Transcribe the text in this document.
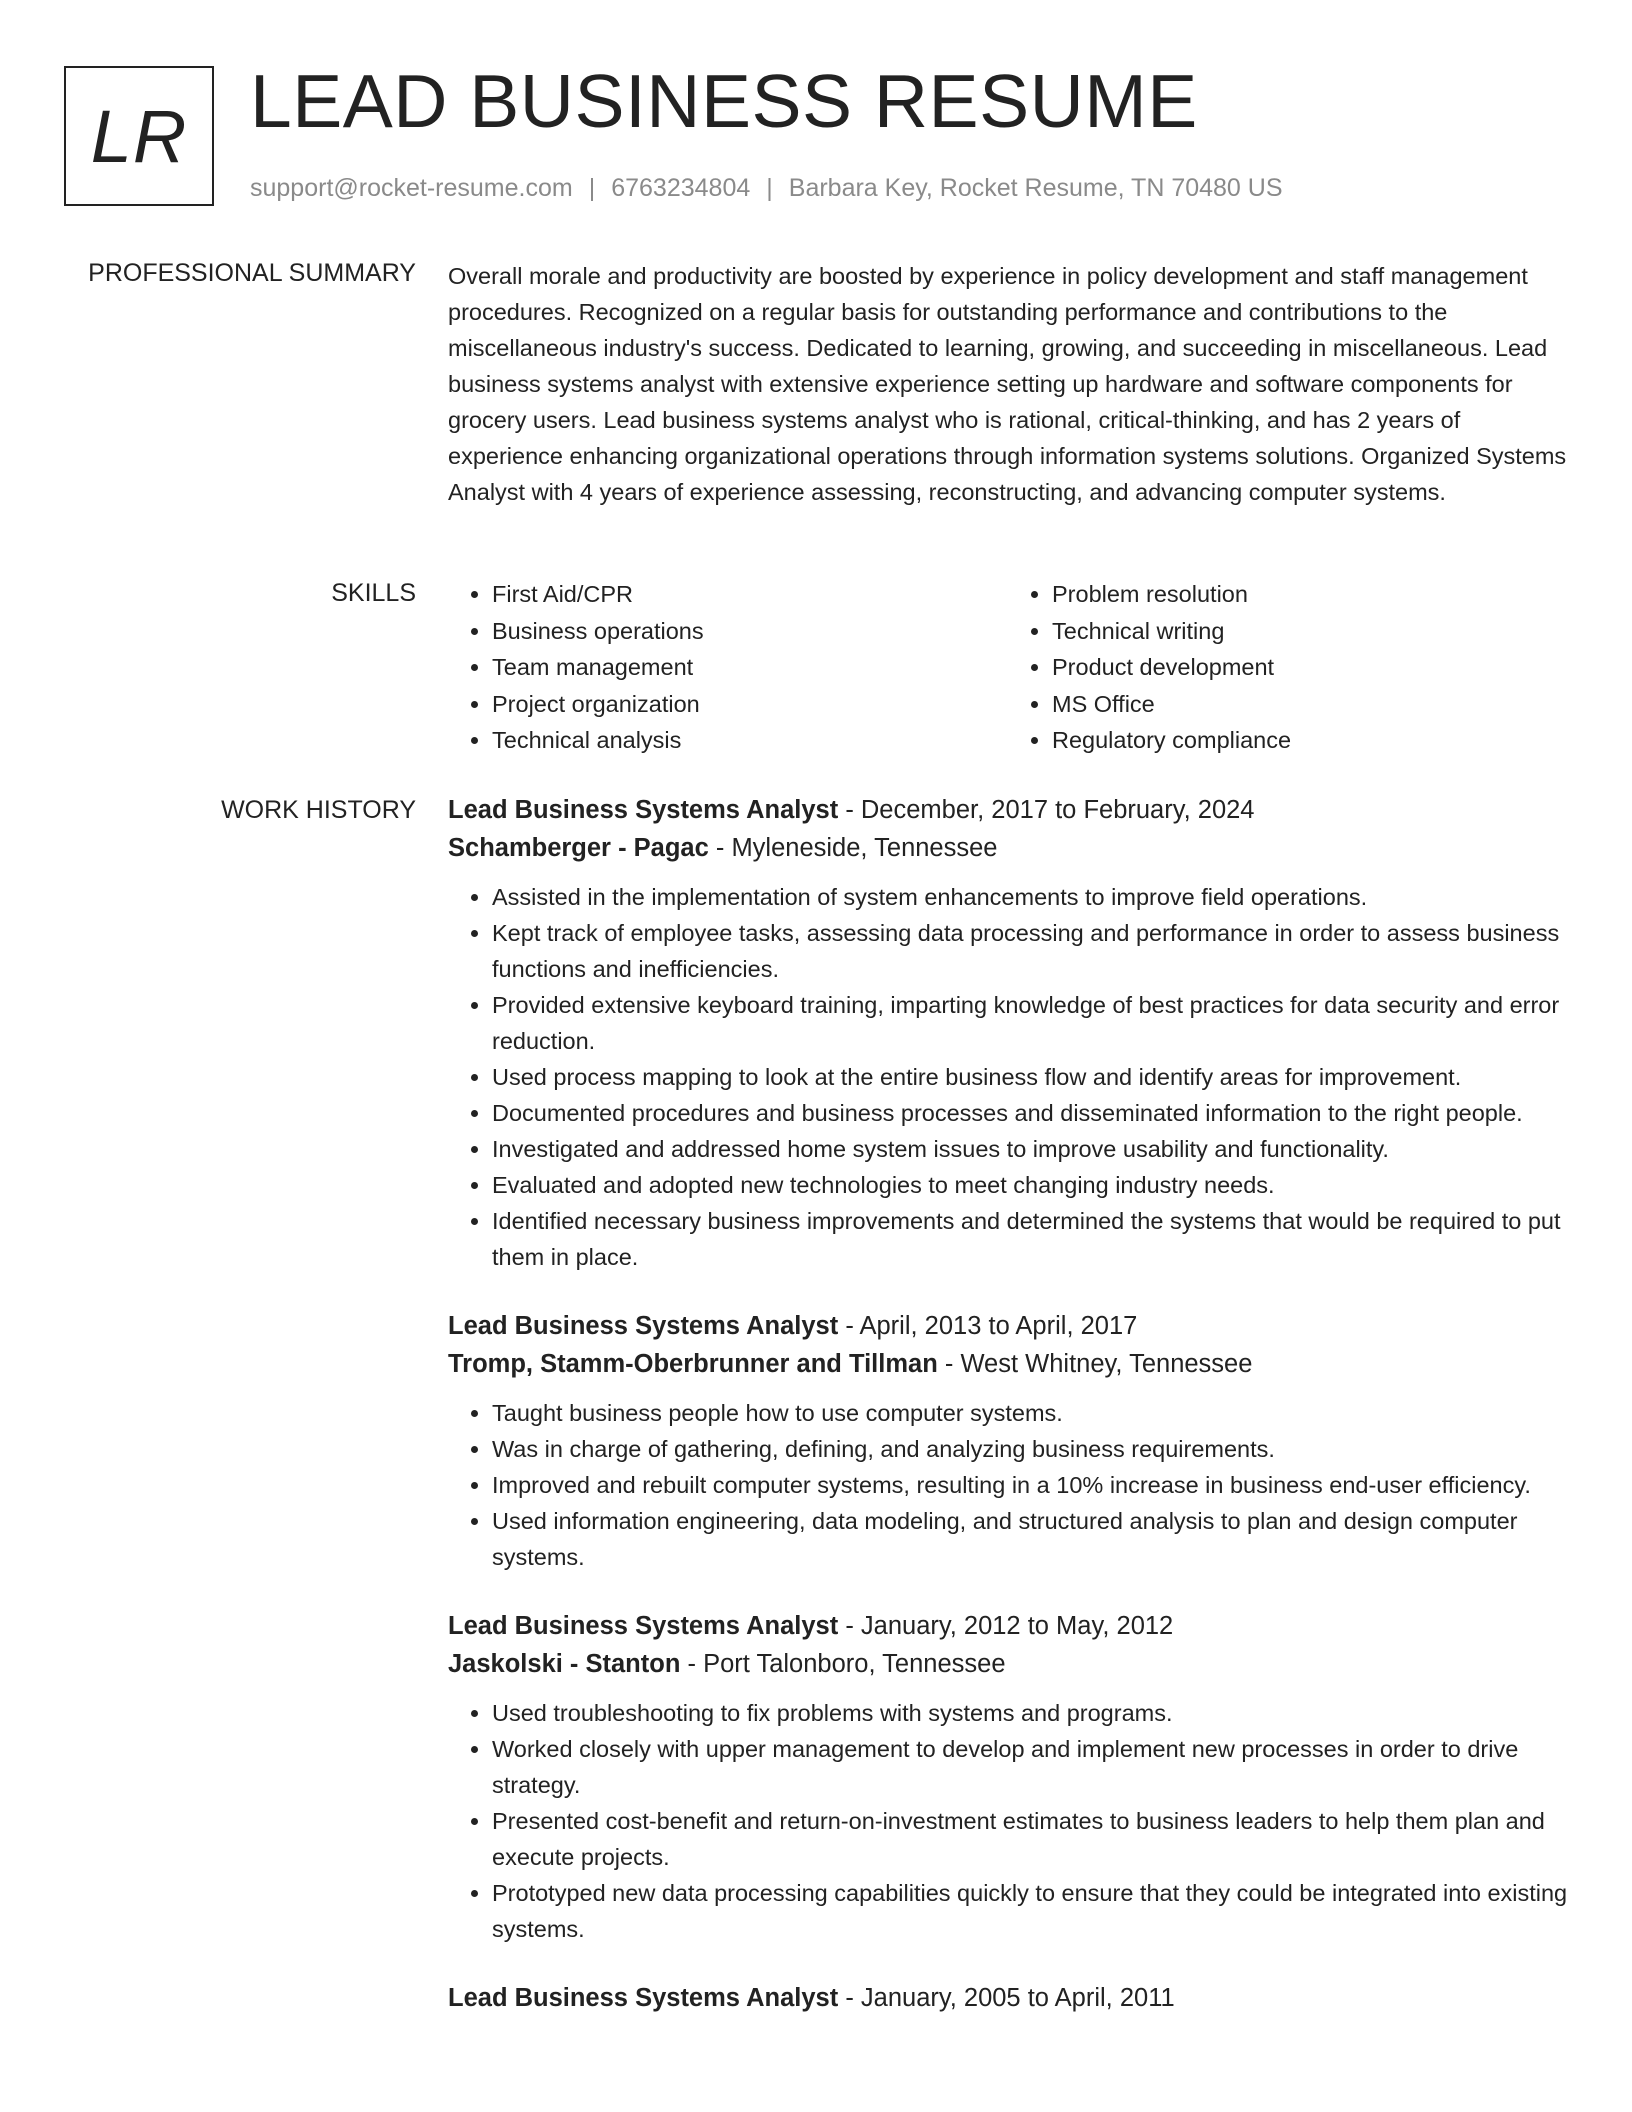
LR LEAD BUSINESS RESUME
support@rocket-resume.com | 6763234804 | Barbara Key, Rocket Resume, TN 70480 US
PROFESSIONAL SUMMARY Overall morale and productivity are boosted by experience in policy development and staff management procedures. Recognized on a regular basis for outstanding performance and contributions to the miscellaneous industry's success. Dedicated to learning, growing, and succeeding in miscellaneous. Lead business systems analyst with extensive experience setting up hardware and software components for grocery users. Lead business systems analyst who is rational, critical-thinking, and has 2 years of experience enhancing organizational operations through information systems solutions. Organized Systems Analyst with 4 years of experience assessing, reconstructing, and advancing computer systems.

SKILLS
•	First Aid/CPR
• Business operations
• Team management
• Project organization
• Technical analysis
• Problem resolution
• Technical writing
• Product development
• MS Office
• Regulatory compliance
WORK HISTORY Lead Business Systems Analyst - December, 2017 to February, 2024
Schamberger - Pagac - Myleneside, Tennessee
• Assisted in the implementation of system enhancements to improve field operations.
• Kept track of employee tasks, assessing data processing and performance in order to assess business functions and inefficiencies.
• Provided extensive keyboard training, imparting knowledge of best practices for data security and error reduction.
• Used process mapping to look at the entire business flow and identify areas for improvement.
• Documented procedures and business processes and disseminated information to the right people.
• Investigated and addressed home system issues to improve usability and functionality.
• Evaluated and adopted new technologies to meet changing industry needs.
• Identified necessary business improvements and determined the systems that would be required to put them in place.
Lead Business Systems Analyst - April, 2013 to April, 2017
Tromp, Stamm-Oberbrunner and Tillman - West Whitney, Tennessee
• Taught business people how to use computer systems.
• Was in charge of gathering, defining, and analyzing business requirements.
• Improved and rebuilt computer systems, resulting in a 10% increase in business end-user efficiency.
• Used information engineering, data modeling, and structured analysis to plan and design computer systems.
Lead Business Systems Analyst - January, 2012 to May, 2012
Jaskolski - Stanton - Port Talonboro, Tennessee
• Used troubleshooting to fix problems with systems and programs.
• Worked closely with upper management to develop and implement new processes in order to drive strategy.
• Presented cost-benefit and return-on-investment estimates to business leaders to help them plan and execute projects.
• Prototyped new data processing capabilities quickly to ensure that they could be integrated into existing systems.
Lead Business Systems Analyst - January, 2005 to April, 2011
